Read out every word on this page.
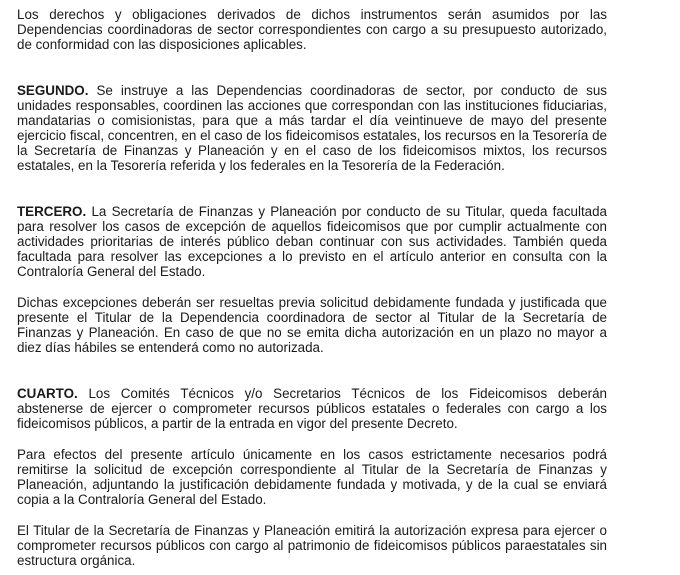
Los derechos y obligaciones derivados de dichos instrumentos serán asumidos por las Dependencias coordinadoras de sector correspondientes con cargo a su presupuesto autorizado, de conformidad con las disposiciones aplicables.

SEGUNDO. Se instruye a las Dependencias coordinadoras de sector, por conducto de sus unidades responsables, coordinen las acciones que correspondan con las instituciones fiduciarias, mandatarias o comisionistas, para que a más tardar el día veintinueve de mayo del presente ejercicio fiscal, concentren, en el caso de los fideicomisos estatales, los recursos en la Tesorería de la Secretaría de Finanzas y Planeación y en el caso de los fideicomisos mixtos, los recursos estatales, en la Tesorería referida y los federales en la Tesorería de la Federación.

TERCERO. La Secretaría de Finanzas y Planeación por conducto de su Titular, queda facultada para resolver los casos de excepción de aquellos fideicomisos que por cumplir actualmente con actividades prioritarias de interés público deban continuar con sus actividades. También queda facultada para resolver las excepciones a lo previsto en el artículo anterior en consulta con la Contraloría General del Estado.

Dichas excepciones deberán ser resueltas previa solicitud debidamente fundada y justificada que presente el Titular de la Dependencia coordinadora de sector al Titular de la Secretaría de Finanzas y Planeación. En caso de que no se emita dicha autorización en un plazo no mayor a diez días hábiles se entenderá como no autorizada.

CUARTO. Los Comités Técnicos y/o Secretarios Técnicos de los Fideicomisos deberán abstenerse de ejercer o comprometer recursos públicos estatales o federales con cargo a los fideicomisos públicos, a partir de la entrada en vigor del presente Decreto.

Para efectos del presente artículo únicamente en los casos estrictamente necesarios podrá remitirse la solicitud de excepción correspondiente al Titular de la Secretaría de Finanzas y Planeación, adjuntando la justificación debidamente fundada y motivada, y de la cual se enviará copia a la Contraloría General del Estado.

El Titular de la Secretaría de Finanzas y Planeación emitirá la autorización expresa para ejercer o comprometer recursos públicos con cargo al patrimonio de fideicomisos públicos paraestatales sin estructura orgánica.
